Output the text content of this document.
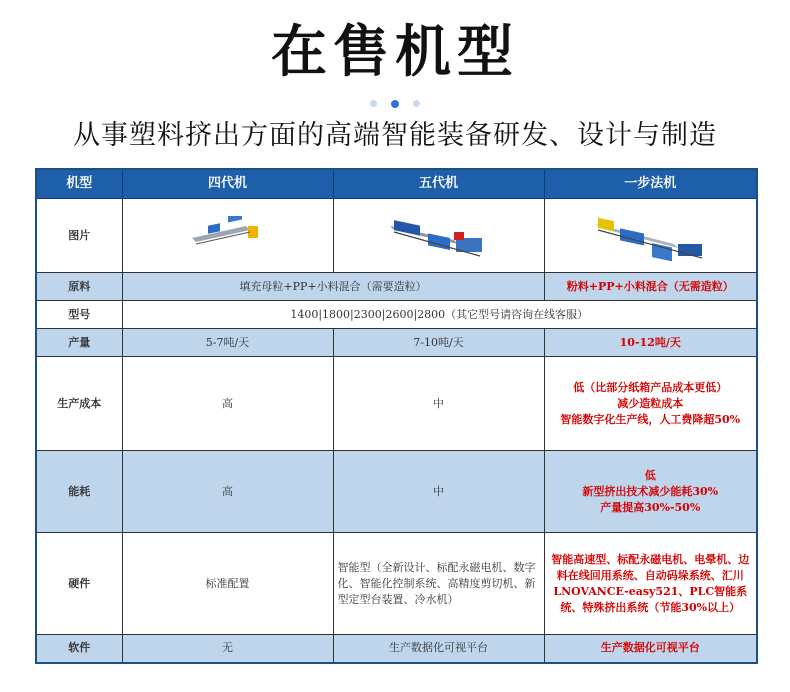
在售机型
从事塑料挤出方面的高端智能装备研发、设计与制造
机型	四代机	五代机	一步法机
图片	

原料	填充母粒+PP+小料混合（需要造粒）		粉料+PP+小料混合（无需造粒）
型号	1400|1800|2300|2600|2800（其它型号请咨询在线客服）		
产量	5-7吨/天	7-10吨/天	10-12吨/天
生产成本	高	中	低（比部分纸箱产品成本更低）
减少造粒成本
智能数字化生产线，人工费降超50%

能耗	高	中	低
新型挤出技术减少能耗30%
产量提高30%-50%

硬件	标准配置	智能型（全新设计、标配永磁电机、数字化、智能化控制系统、高精度剪切机、新型定型台装置、冷水机）	智能高速型、标配永磁电机、电晕机、边料在线回用系统、自动码垛系统、汇川LNOVANCE-easy521、PLC智能系统、特殊挤出系统（节能30%以上）
软件	无	生产数据化可视平台	生产数据化可视平台
